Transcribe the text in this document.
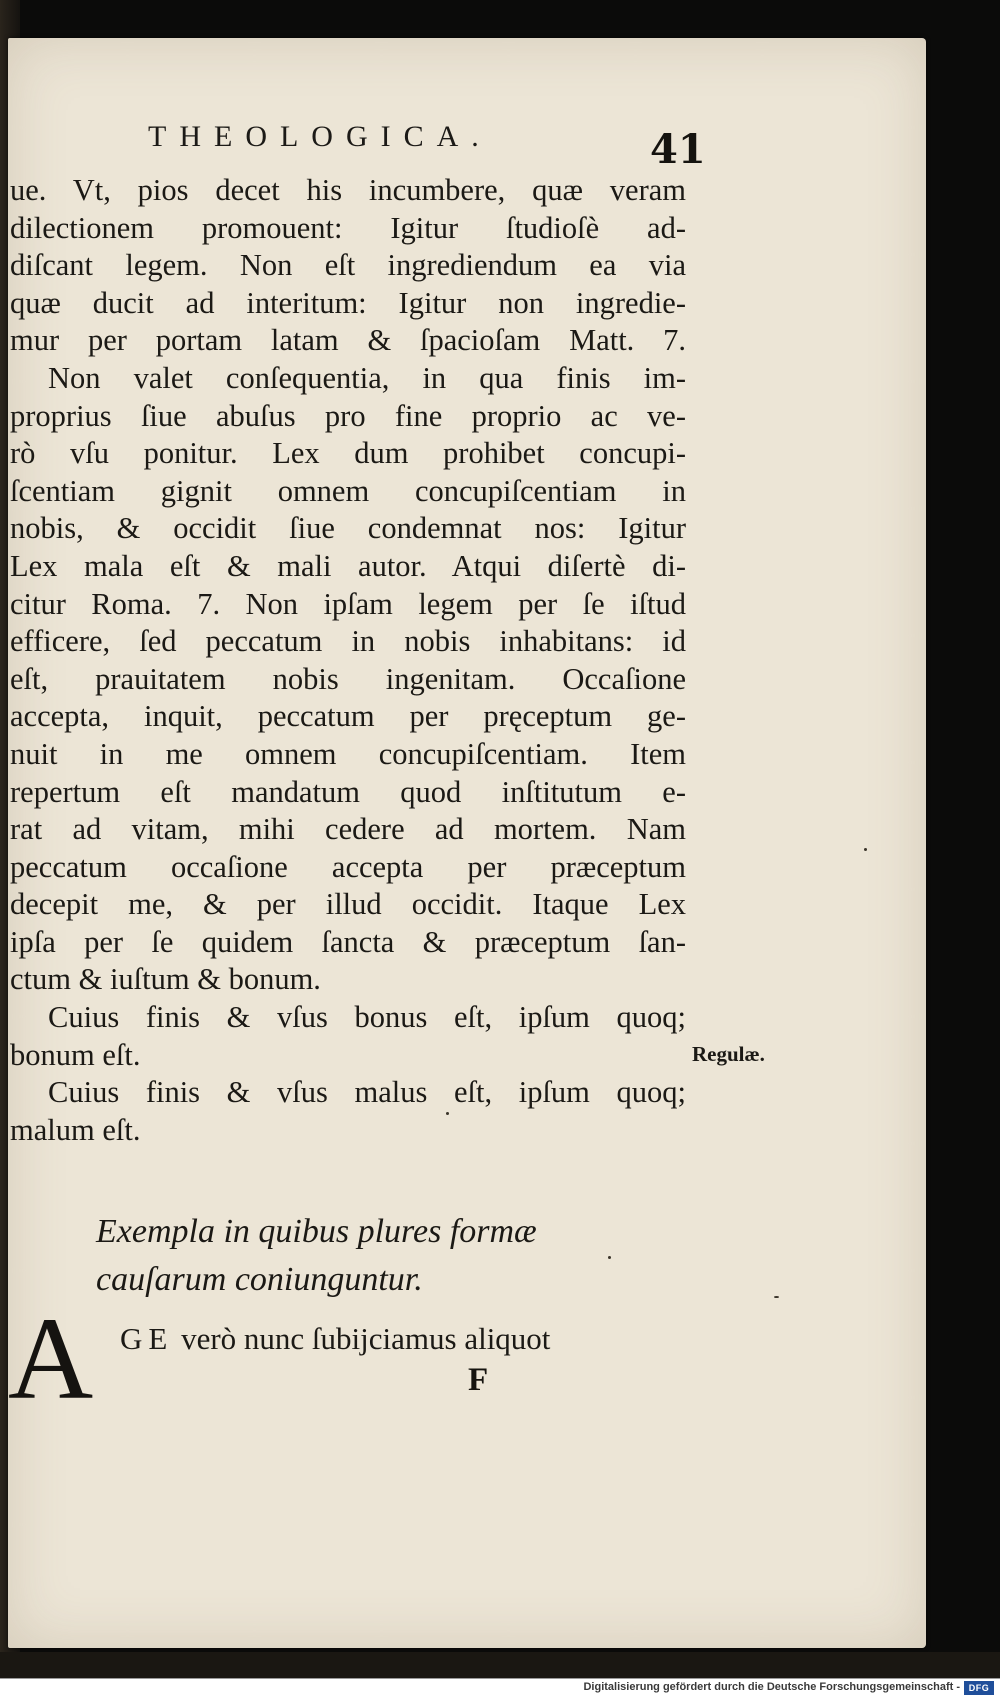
THEOLOGICA.	41
ue. Vt, pios decet his incumbere, quæ veram
dilectionem promouent: Igitur ſtudioſè ad-
diſcant legem. Non eſt ingrediendum ea via
quæ ducit ad interitum: Igitur non ingredie-
mur per portam latam & ſpacioſam Matt. 7.
Non valet conſequentia, in qua finis im-
proprius ſiue abuſus pro fine proprio ac ve-
rò vſu ponitur. Lex dum prohibet concupi-
ſcentiam gignit omnem concupiſcentiam in
nobis, & occidit ſiue condemnat nos: Igitur
Lex mala eſt & mali autor. Atqui diſertè di-
citur Roma. 7. Non ipſam legem per ſe iſtud
efficere, ſed peccatum in nobis inhabitans: id
eſt, prauitatem nobis ingenitam. Occaſione
accepta, inquit, peccatum per pręceptum ge-
nuit in me omnem concupiſcentiam. Item
repertum eſt mandatum quod inſtitutum e-
rat ad vitam, mihi cedere ad mortem. Nam
peccatum occaſione accepta per præceptum
decepit me, & per illud occidit. Itaque Lex
ipſa per ſe quidem ſancta & præceptum ſan-
ctum & iuſtum & bonum.
Cuius finis & vſus bonus eſt, ipſum quoq;
bonum eſt.
Cuius finis & vſus malus eſt, ipſum quoq;
malum eſt.
Regulæ.
Exempla in quibus plures formæ
cauſarum coniunguntur.
A GE verò nunc ſubijciamus aliquot
F
Digitalisierung gefördert durch die Deutsche Forschungsgemeinschaft - DFG
